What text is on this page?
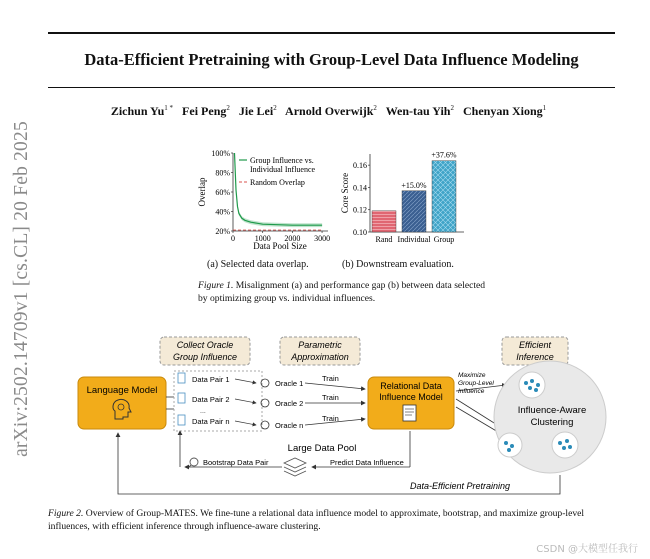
Data-Efficient Pretraining with Group-Level Data Influence Modeling
arXiv:2502.14709v1 [cs.CL] 20 Feb 2025
Zichun $Yu^{1 *}$ Fei Peng$^2$ Jie Lei$^2$ Arnold Overwijk$^2$ Wen-tau Yih$^2$ Chenyan Xiong$^1$
20%
40%
60%
80%
100%
0 1000 2000 3000
Group Influence vs.
Individual Influence
Random Overlap
Data Pool Size
Overlap
0.10
0.12
0.14
0.16
Rand Individual
+15.0%
Group
+37.6%
Core Score
(a) Selected data overlap.	(b) Downstream evaluation.
Figure 1. Misalignment (a) and performance gap (b) between data selected by optimizing group vs. individual influences.
Collect Oracle
Group Influence
Parametric
Approximation
Efficient
Inference
Language Model
Data Pair 1	Oracle 1
Data Pair 2	Oracle 2
...
Data Pair n	Oracle n
Train
Train
Train
Relational Data
Influence Model
Maximize
Group-Level
Influence
Influence-Aware
Clustering
Large Data Pool
Bootstrap Data Pair	Predict Data Influence
Data-Efficient Pretraining
Figure 2. Overview of Group-MATES. We fine-tune a relational data influence model to approximate, bootstrap, and maximize group-level influences, with efficient inference through influence-aware clustering.
CSDN @大模型任我行
